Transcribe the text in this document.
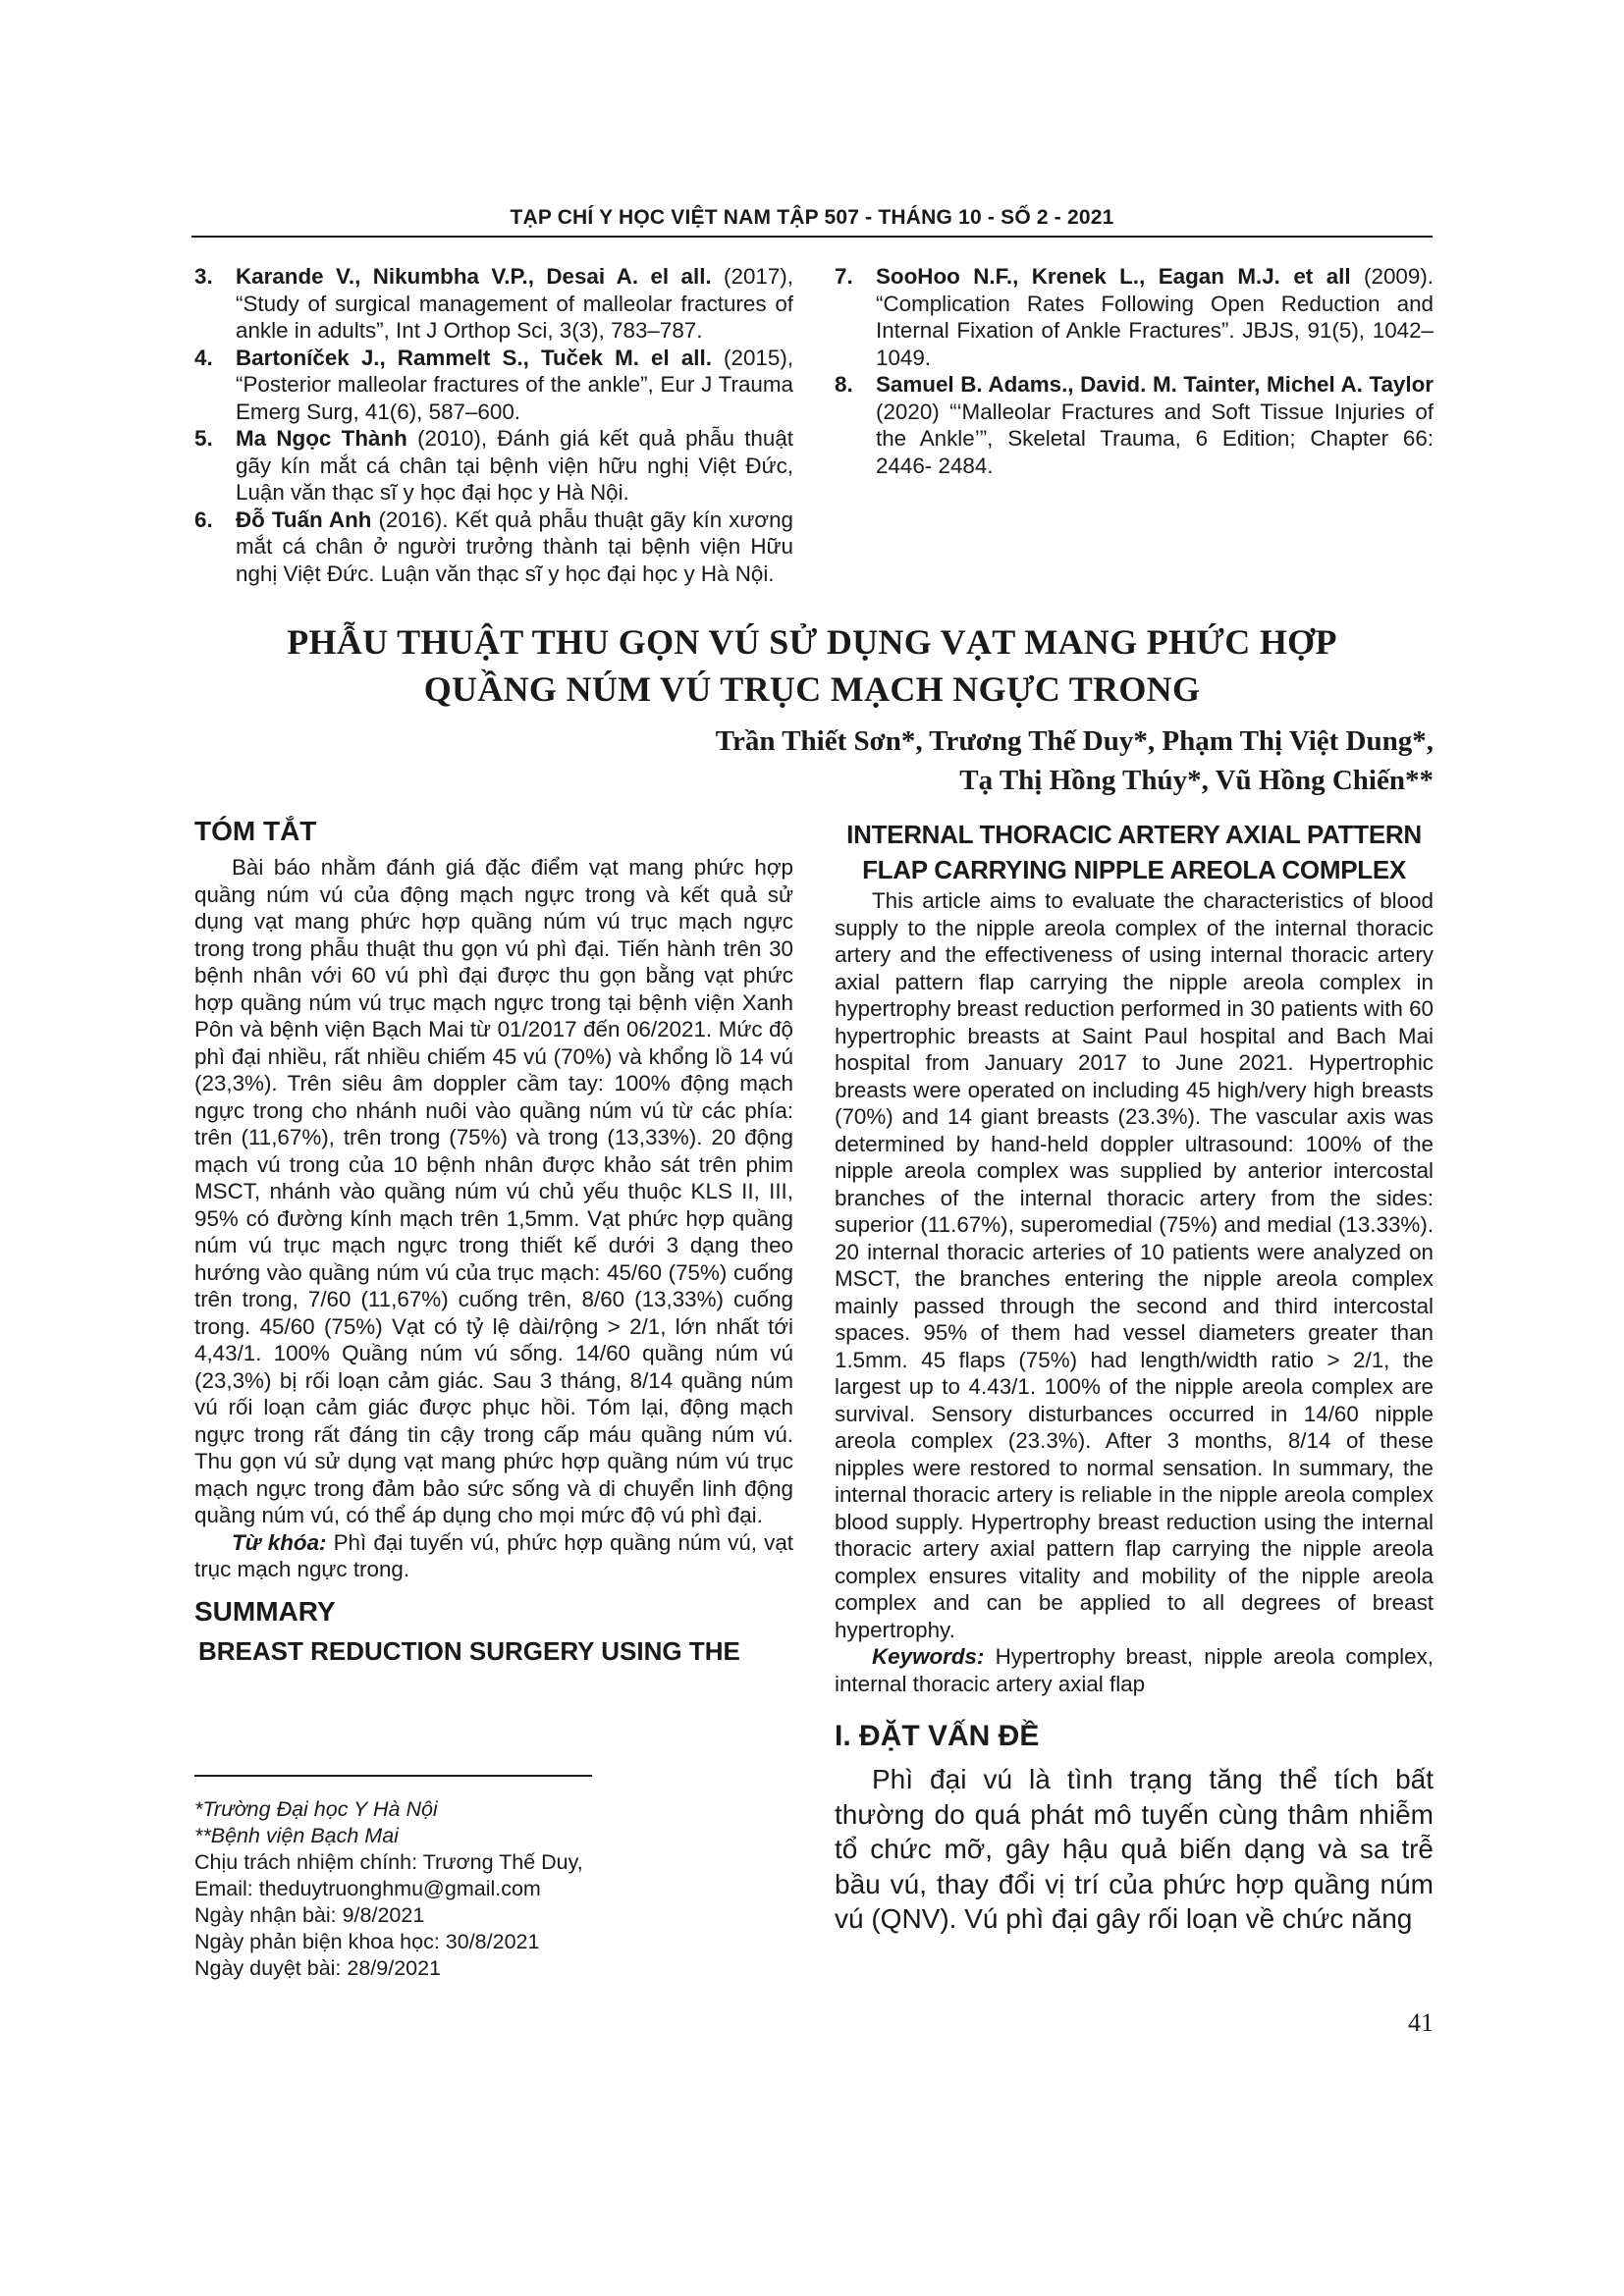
TẠP CHÍ Y HỌC VIỆT NAM TẬP 507 - THÁNG 10 - SỐ 2 - 2021
3. Karande V., Nikumbha V.P., Desai A. el all. (2017), “Study of surgical management of malleolar fractures of ankle in adults”, Int J Orthop Sci, 3(3), 783–787.
4. Bartoníček J., Rammelt S., Tuček M. el all. (2015), “Posterior malleolar fractures of the ankle”, Eur J Trauma Emerg Surg, 41(6), 587–600.
5. Ma Ngọc Thành (2010), Đánh giá kết quả phẫu thuật gãy kín mắt cá chân tại bệnh viện hữu nghị Việt Đức, Luận văn thạc sĩ y học đại học y Hà Nội.
6. Đỗ Tuấn Anh (2016). Kết quả phẫu thuật gãy kín xương mắt cá chân ở người trưởng thành tại bệnh viện Hữu nghị Việt Đức. Luận văn thạc sĩ y học đại học y Hà Nội.
7. SooHoo N.F., Krenek L., Eagan M.J. et all (2009). “Complication Rates Following Open Reduction and Internal Fixation of Ankle Fractures”. JBJS, 91(5), 1042–1049.
8. Samuel B. Adams., David. M. Tainter, Michel A. Taylor (2020) “‘Malleolar Fractures and Soft Tissue Injuries of the Ankle’”, Skeletal Trauma, 6 Edition; Chapter 66: 2446- 2484.
PHẪU THUẬT THU GỌN VÚ SỬ DỤNG VẠT MANG PHỨC HỢP
QUẦNG NÚM VÚ TRỤC MẠCH NGỰC TRONG
Trần Thiết Sơn*, Trương Thế Duy*, Phạm Thị Việt Dung*,
Tạ Thị Hồng Thúy*, Vũ Hồng Chiến**
TÓM TẮT

Bài báo nhằm đánh giá đặc điểm vạt mang phức hợp quầng núm vú của động mạch ngực trong và kết quả sử dụng vạt mang phức hợp quầng núm vú trục mạch ngực trong trong phẫu thuật thu gọn vú phì đại. Tiến hành trên 30 bệnh nhân với 60 vú phì đại được thu gọn bằng vạt phức hợp quầng núm vú trục mạch ngực trong tại bệnh viện Xanh Pôn và bệnh viện Bạch Mai từ 01/2017 đến 06/2021. Mức độ phì đại nhiều, rất nhiều chiếm 45 vú (70%) và khổng lồ 14 vú (23,3%). Trên siêu âm doppler cầm tay: 100% động mạch ngực trong cho nhánh nuôi vào quầng núm vú từ các phía: trên (11,67%), trên trong (75%) và trong (13,33%). 20 động mạch vú trong của 10 bệnh nhân được khảo sát trên phim MSCT, nhánh vào quầng núm vú chủ yếu thuộc KLS II, III, 95% có đường kính mạch trên 1,5mm. Vạt phức hợp quầng núm vú trục mạch ngực trong thiết kế dưới 3 dạng theo hướng vào quầng núm vú của trục mạch: 45/60 (75%) cuống trên trong, 7/60 (11,67%) cuống trên, 8/60 (13,33%) cuống trong. 45/60 (75%) Vạt có tỷ lệ dài/rộng > 2/1, lớn nhất tới 4,43/1. 100% Quầng núm vú sống. 14/60 quầng núm vú (23,3%) bị rối loạn cảm giác. Sau 3 tháng, 8/14 quầng núm vú rối loạn cảm giác được phục hồi. Tóm lại, động mạch ngực trong rất đáng tin cậy trong cấp máu quầng núm vú. Thu gọn vú sử dụng vạt mang phức hợp quầng núm vú trục mạch ngực trong đảm bảo sức sống và di chuyển linh động quầng núm vú, có thể áp dụng cho mọi mức độ vú phì đại.

Từ khóa: Phì đại tuyến vú, phức hợp quầng núm vú, vạt trục mạch ngực trong.

SUMMARY
BREAST REDUCTION SURGERY USING THE
INTERNAL THORACIC ARTERY AXIAL PATTERN
FLAP CARRYING NIPPLE AREOLA COMPLEX

This article aims to evaluate the characteristics of blood supply to the nipple areola complex of the internal thoracic artery and the effectiveness of using internal thoracic artery axial pattern flap carrying the nipple areola complex in hypertrophy breast reduction performed in 30 patients with 60 hypertrophic breasts at Saint Paul hospital and Bach Mai hospital from January 2017 to June 2021. Hypertrophic breasts were operated on including 45 high/very high breasts (70%) and 14 giant breasts (23.3%). The vascular axis was determined by hand-held doppler ultrasound: 100% of the nipple areola complex was supplied by anterior intercostal branches of the internal thoracic artery from the sides: superior (11.67%), superomedial (75%) and medial (13.33%). 20 internal thoracic arteries of 10 patients were analyzed on MSCT, the branches entering the nipple areola complex mainly passed through the second and third intercostal spaces. 95% of them had vessel diameters greater than 1.5mm. 45 flaps (75%) had length/width ratio > 2/1, the largest up to 4.43/1. 100% of the nipple areola complex are survival. Sensory disturbances occurred in 14/60 nipple areola complex (23.3%). After 3 months, 8/14 of these nipples were restored to normal sensation. In summary, the internal thoracic artery is reliable in the nipple areola complex blood supply. Hypertrophy breast reduction using the internal thoracic artery axial pattern flap carrying the nipple areola complex ensures vitality and mobility of the nipple areola complex and can be applied to all degrees of breast hypertrophy.

Keywords: Hypertrophy breast, nipple areola complex, internal thoracic artery axial flap

I. ĐẶT VẤN ĐỀ

Phì đại vú là tình trạng tăng thể tích bất thường do quá phát mô tuyến cùng thâm nhiễm tổ chức mỡ, gây hậu quả biến dạng và sa trễ bầu vú, thay đổi vị trí của phức hợp quầng núm vú (QNV). Vú phì đại gây rối loạn về chức năng

*Trường Đại học Y Hà Nội
**Bệnh viện Bạch Mai
Chịu trách nhiệm chính: Trương Thế Duy,
Email: theduytruonghmu@gmail.com
Ngày nhận bài: 9/8/2021
Ngày phản biện khoa học: 30/8/2021
Ngày duyệt bài: 28/9/2021
41
